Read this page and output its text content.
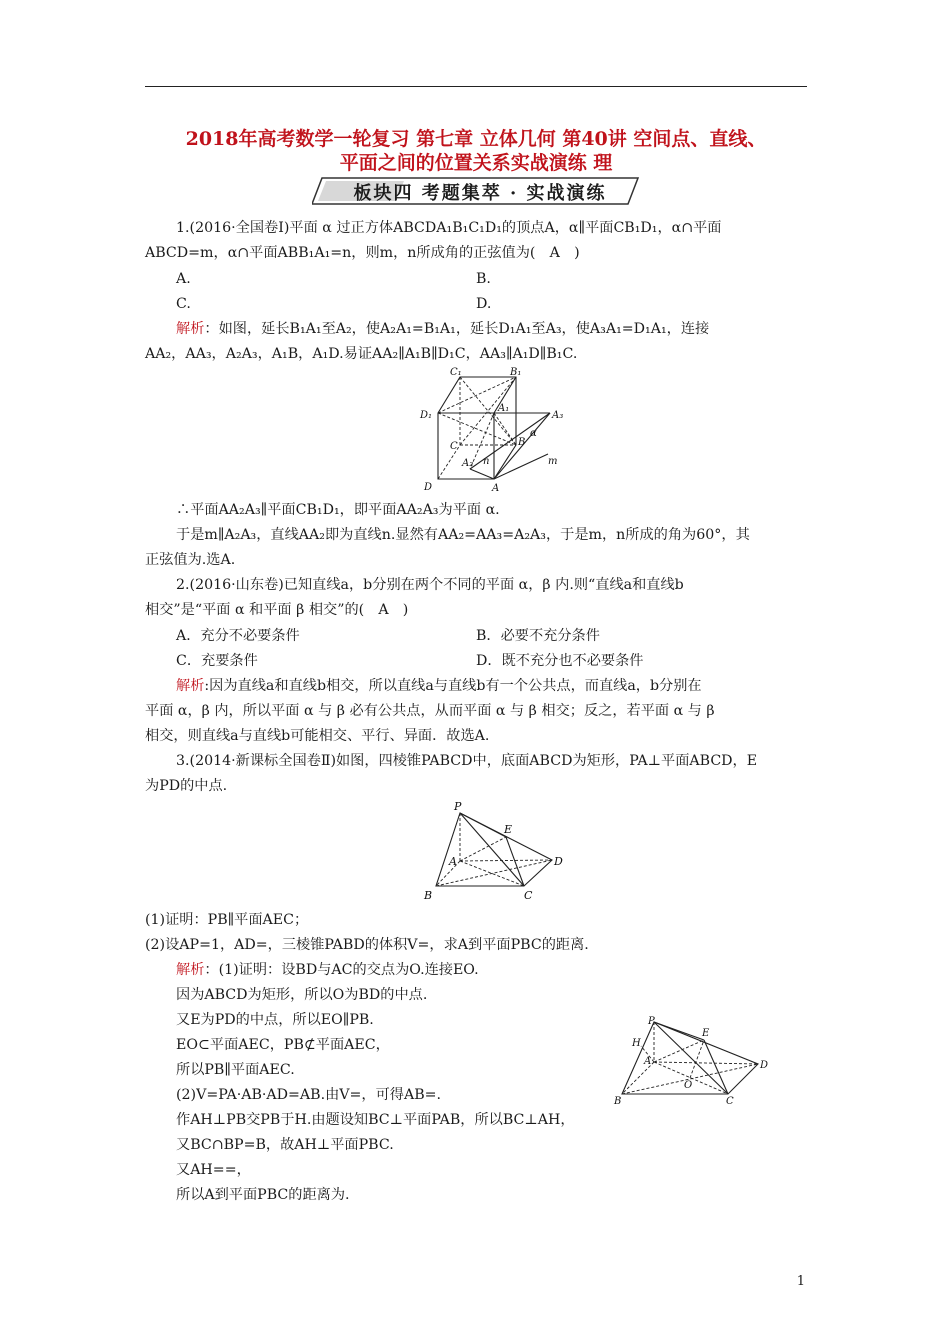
2018年高考数学一轮复习 第七章 立体几何 第40讲 空间点、直线、
平面之间的位置关系实战演练 理
板块四 考题集萃 · 实战演练
1.(2016·全国卷Ⅰ)平面 α 过正方体ABCDA₁B₁C₁D₁的顶点A，α∥平面CB₁D₁，α∩平面
ABCD=m，α∩平面ABB₁A₁=n，则m，n所成角的正弦值为(　A　)
A.	B.
C.	D.
解析：如图，延长B₁A₁至A₂，使A₂A₁=B₁A₁，延长D₁A₁至A₃，使A₃A₁=D₁A₁，连接
AA₂，AA₃，A₂A₃，A₁B，A₁D.易证AA₂∥A₁B∥D₁C，AA₃∥A₁D∥B₁C.
C₁	B₁
D₁
A₁
A₃
C	B
α
A₂ n	m
D	A
∴平面AA₂A₃∥平面CB₁D₁，即平面AA₂A₃为平面 α.
于是m∥A₂A₃，直线AA₂即为直线n.显然有AA₂=AA₃=A₂A₃，于是m，n所成的角为60°，其
正弦值为.选A.
2.(2016·山东卷)已知直线a，b分别在两个不同的平面 α，β 内.则“直线a和直线b
相交”是“平面 α 和平面 β 相交”的(　A　)
A．充分不必要条件	B．必要不充分条件
C．充要条件	D．既不充分也不必要条件
解析:因为直线a和直线b相交，所以直线a与直线b有一个公共点，而直线a，b分别在
平面 α，β 内，所以平面 α 与 β 必有公共点，从而平面 α 与 β 相交；反之，若平面 α 与 β
相交，则直线a与直线b可能相交、平行、异面．故选A.
3.(2014·新课标全国卷Ⅱ)如图，四棱锥PABCD中，底面ABCD为矩形，PA⊥平面ABCD，E
为PD的中点.
P
E
A	D
B	C
(1)证明：PB∥平面AEC；
(2)设AP=1，AD=，三棱锥PABD的体积V=，求A到平面PBC的距离.
解析：(1)证明：设BD与AC的交点为O.连接EO.
因为ABCD为矩形，所以O为BD的中点.
又E为PD的中点，所以EO∥PB.
EO⊂平面AEC，PB⊄平面AEC，
所以PB∥平面AEC.
(2)V=PA·AB·AD=AB.由V=，可得AB=.
作AH⊥PB交PB于H.由题设知BC⊥平面PAB，所以BC⊥AH，
又BC∩BP=B，故AH⊥平面PBC.
又AH==，
所以A到平面PBC的距离为.
P
H
E
A
O
D
B	C
1
